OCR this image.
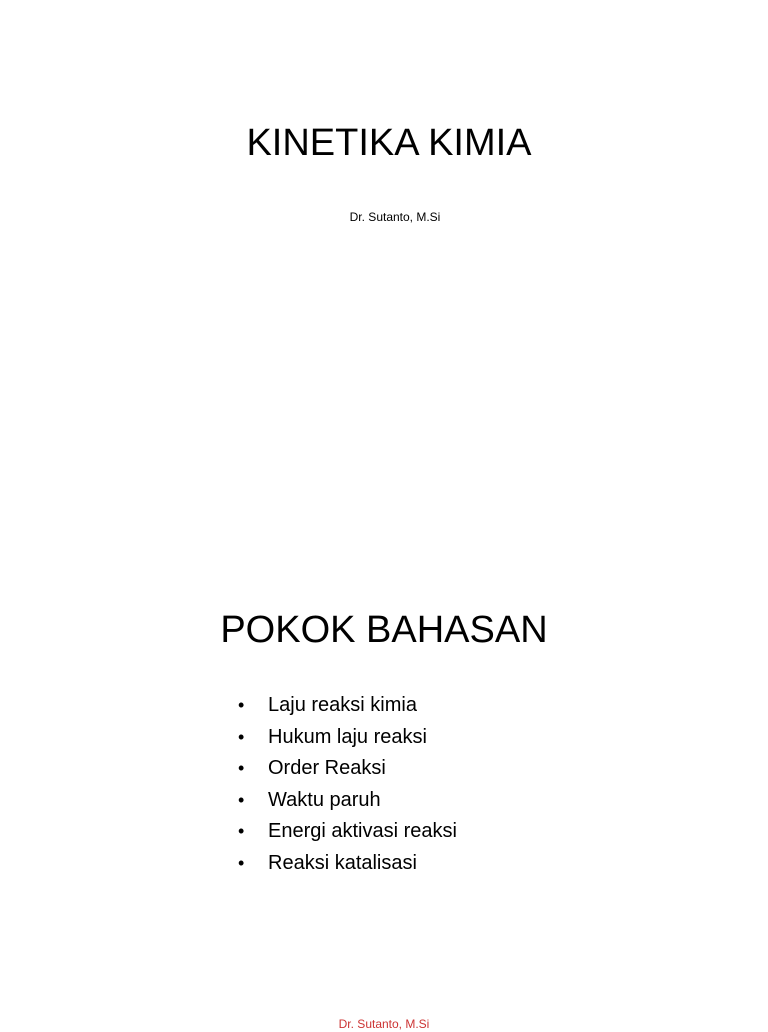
KINETIKA KIMIA

Dr. Sutanto, M.Si

POKOK BAHASAN
•	Laju reaksi kimia
•	Hukum laju reaksi
•	Order Reaksi
•	Waktu paruh
•	Energi aktivasi reaksi
•	Reaksi katalisasi
Dr. Sutanto, M.Si
